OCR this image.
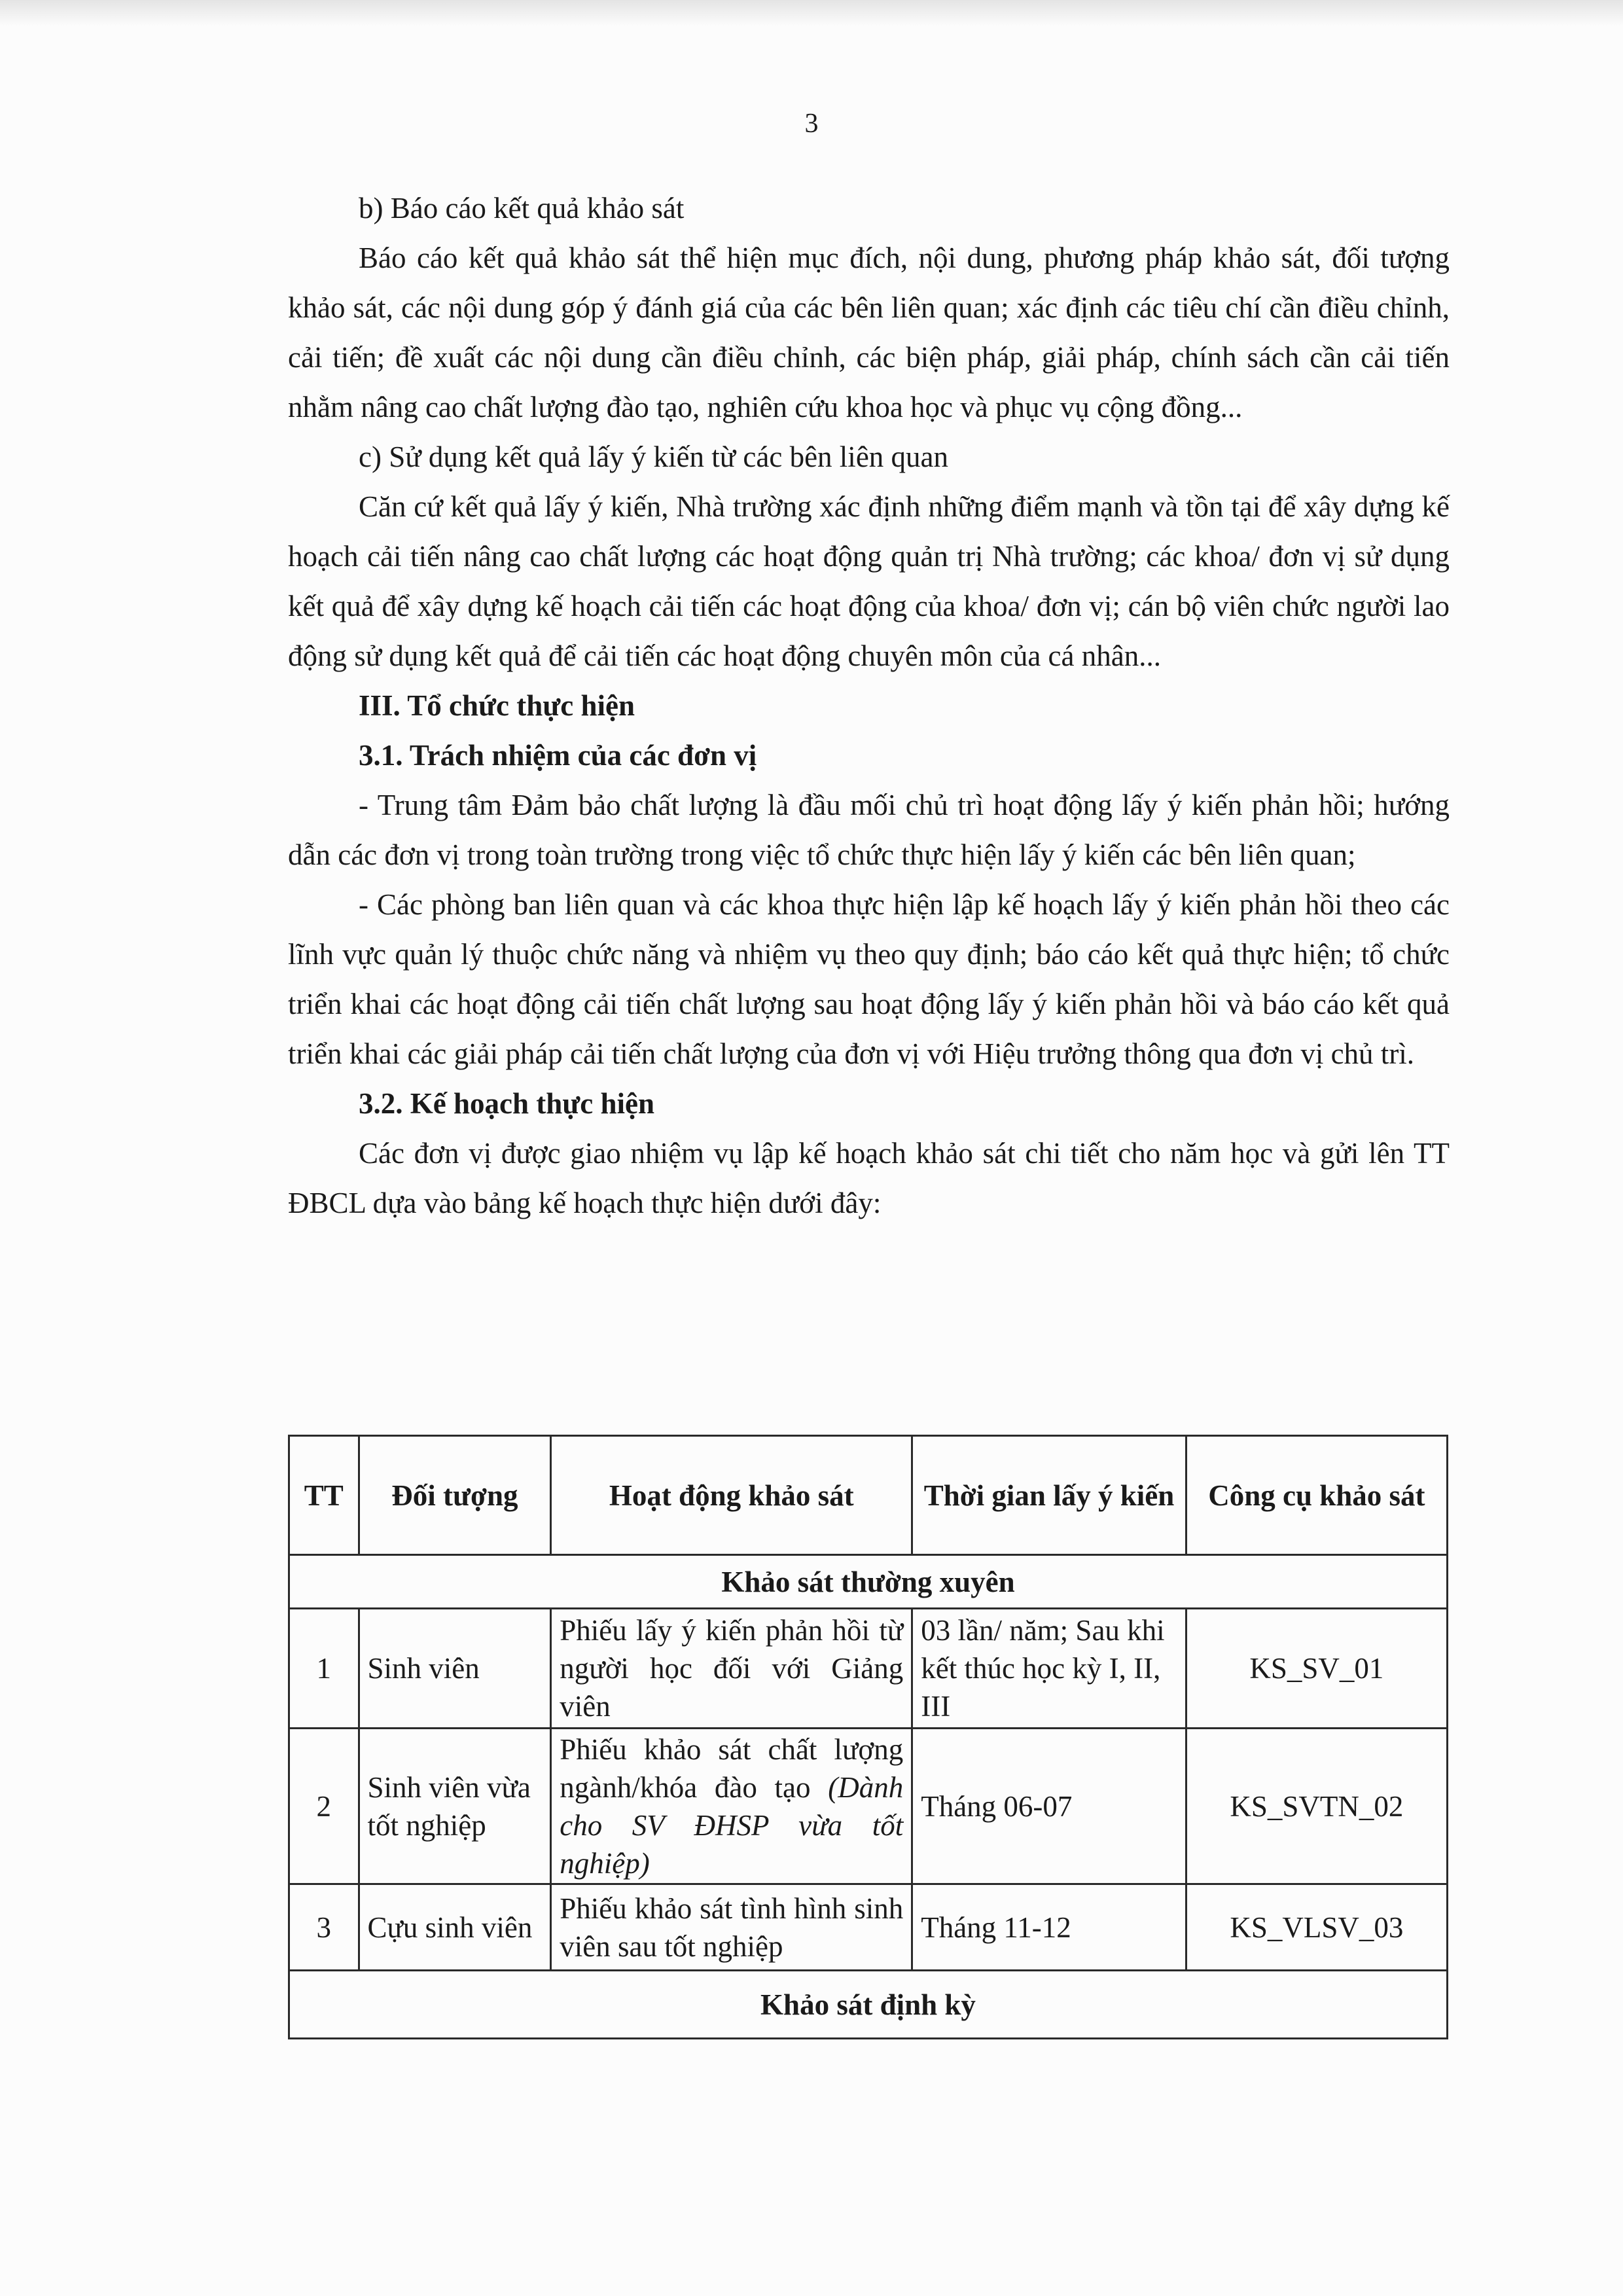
3

b) Báo cáo kết quả khảo sát

Báo cáo kết quả khảo sát thể hiện mục đích, nội dung, phương pháp khảo sát, đối tượng khảo sát, các nội dung góp ý đánh giá của các bên liên quan; xác định các tiêu chí cần điều chỉnh, cải tiến; đề xuất các nội dung cần điều chỉnh, các biện pháp, giải pháp, chính sách cần cải tiến nhằm nâng cao chất lượng đào tạo, nghiên cứu khoa học và phục vụ cộng đồng...

c) Sử dụng kết quả lấy ý kiến từ các bên liên quan

Căn cứ kết quả lấy ý kiến, Nhà trường xác định những điểm mạnh và tồn tại để xây dựng kế hoạch cải tiến nâng cao chất lượng các hoạt động quản trị Nhà trường; các khoa/ đơn vị sử dụng kết quả để xây dựng kế hoạch cải tiến các hoạt động của khoa/ đơn vị; cán bộ viên chức người lao động sử dụng kết quả để cải tiến các hoạt động chuyên môn của cá nhân...

III. Tổ chức thực hiện

3.1. Trách nhiệm của các đơn vị

- Trung tâm Đảm bảo chất lượng là đầu mối chủ trì hoạt động lấy ý kiến phản hồi; hướng dẫn các đơn vị trong toàn trường trong việc tổ chức thực hiện lấy ý kiến các bên liên quan;

- Các phòng ban liên quan và các khoa thực hiện lập kế hoạch lấy ý kiến phản hồi theo các lĩnh vực quản lý thuộc chức năng và nhiệm vụ theo quy định; báo cáo kết quả thực hiện; tổ chức triển khai các hoạt động cải tiến chất lượng sau hoạt động lấy ý kiến phản hồi và báo cáo kết quả triển khai các giải pháp cải tiến chất lượng của đơn vị với Hiệu trưởng thông qua đơn vị chủ trì.

3.2. Kế hoạch thực hiện

Các đơn vị được giao nhiệm vụ lập kế hoạch khảo sát chi tiết cho năm học và gửi lên TT ĐBCL dựa vào bảng kế hoạch thực hiện dưới đây:

TT	Đối tượng	Hoạt động khảo sát	Thời gian lấy ý kiến	Công cụ khảo sát
Khảo sát thường xuyên				
1	Sinh viên	Phiếu lấy ý kiến phản hồi từ người học đối với Giảng viên	03 lần/ năm; Sau khi kết thúc học kỳ I, II, III	KS_SV_01
2	Sinh viên vừa tốt nghiệp	Phiếu khảo sát chất lượng ngành/khóa đào tạo (Dành cho SV ĐHSP vừa tốt nghiệp)	Tháng 06-07	KS_SVTN_02
3	Cựu sinh viên	Phiếu khảo sát tình hình sinh viên sau tốt nghiệp	Tháng 11-12	KS_VLSV_03
Khảo sát định kỳ				
